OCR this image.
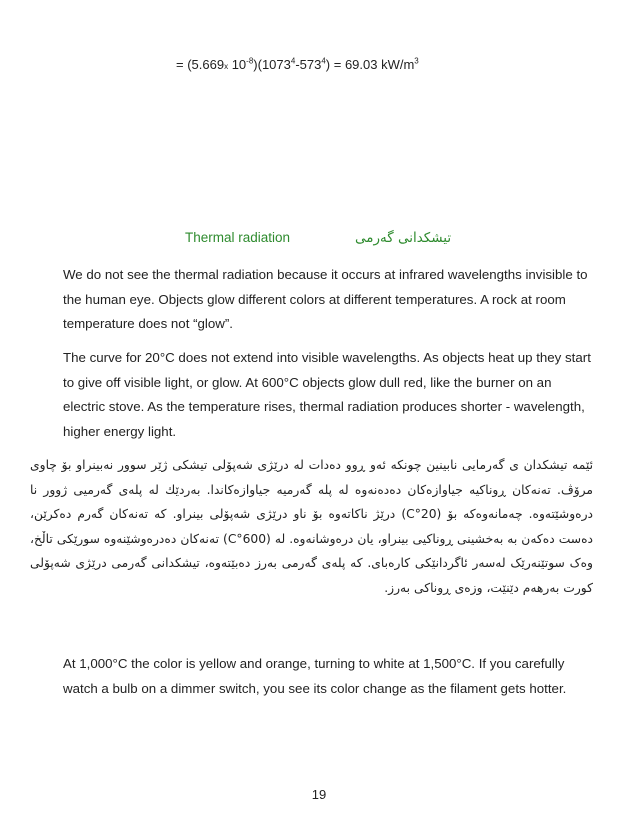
= (5.669x $10^{-8})(1073^4-573^4) = 69.03$ $kW/m^3$
Thermal radiation	تیشکدانی گەرمی

We do not see the thermal radiation because it occurs at infrared wavelengths invisible to the human eye. Objects glow different colors at different temperatures. A rock at room temperature does not “glow”.

The curve for 20°C does not extend into visible wavelengths. As objects heat up they start to give off visible light, or glow. At 600°C objects glow dull red, like the burner on an electric stove. As the temperature rises, thermal radiation produces shorter - wavelength, higher energy light.

ئێمە تیشکدان ی گەرمایی نابینین چونکە ئەو ڕوو دەدات لە درێژی شەپۆلی تیشکی ژێر سوور نەبینراو بۆ چاوی مرۆڤ. تەنەکان ڕوناکیە جیاوازەکان دەدەنەوە لە پلە گەرمیە جیاوازەکاندا. بەردێك لە پلەی گەرمیی ژوور نا درەوشێتەوە. چەمانەوەکە بۆ (20°C) درێژ ناکاتەوە بۆ ناو درێژی شەپۆلی بینراو. کە تەنەکان گەرم دەکرێن، دەست دەکەن بە بەخشینی ڕوناکیی بینراو، یان درەوشانەوە. لە (600°C) تەنەکان دەدرەوشێنەوە سورێکی تاڵخ، وەک سوتێنەرێک لەسەر ئاگردانێکی کارەبای. کە پلەی گەرمی بەرز دەبێتەوە، تیشکدانی گەرمی درێژی شەپۆلی کورت بەرهەم دێنێت، وزەی ڕوناکی بەرز.

At 1,000°C the color is yellow and orange, turning to white at 1,500°C. If you carefully watch a bulb on a dimmer switch, you see its color change as the filament gets hotter.

19
